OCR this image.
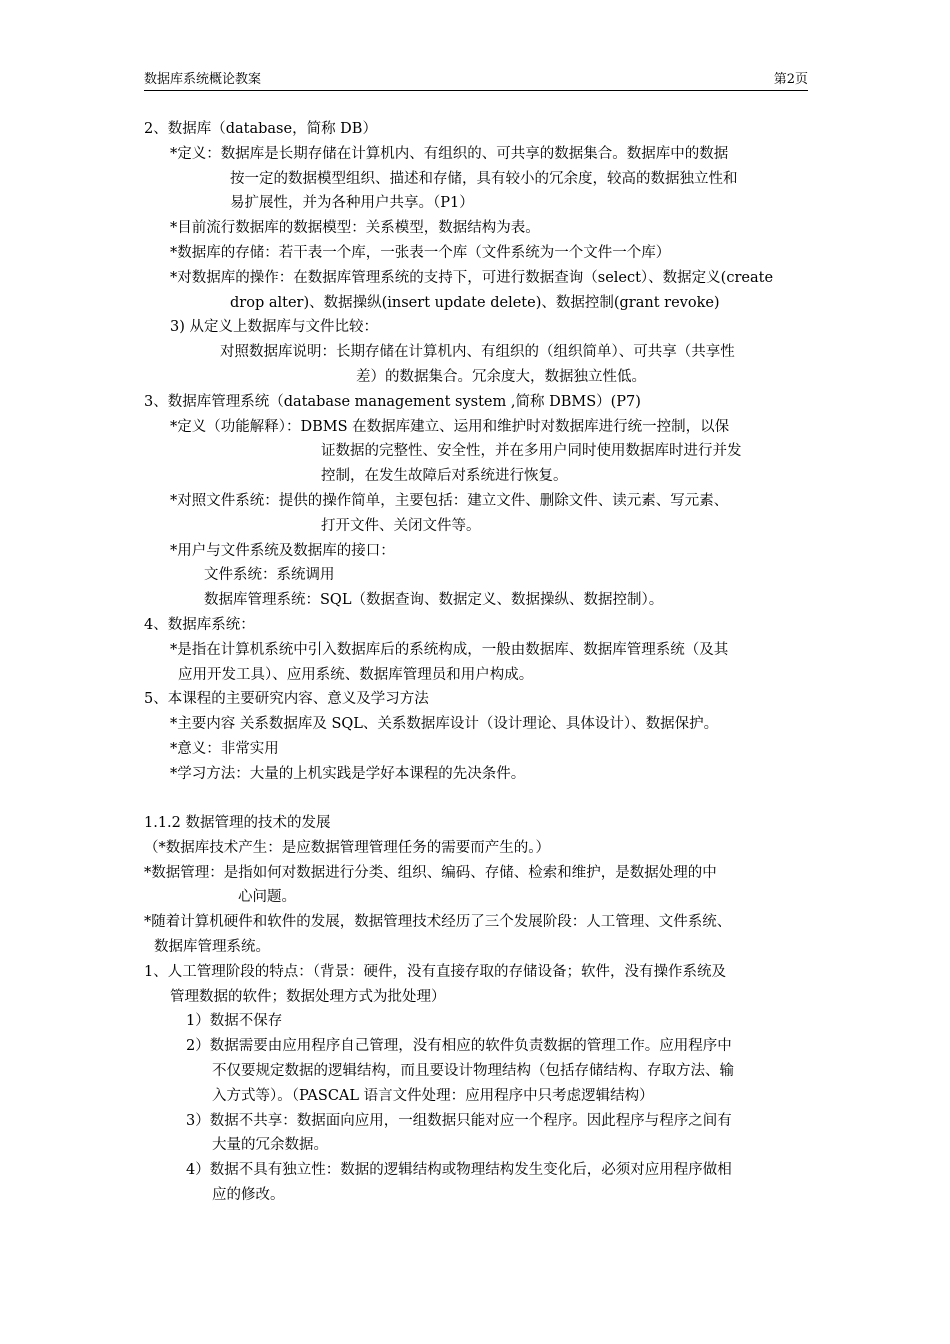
数据库系统概论教案	第2页
2、数据库（database，简称 DB）
*定义：数据库是长期存储在计算机内、有组织的、可共享的数据集合。数据库中的数据
按一定的数据模型组织、描述和存储，具有较小的冗余度，较高的数据独立性和
易扩展性，并为各种用户共享。（P1）
*目前流行数据库的数据模型：关系模型，数据结构为表。
*数据库的存储：若干表一个库，一张表一个库（文件系统为一个文件一个库）
*对数据库的操作：在数据库管理系统的支持下，可进行数据查询（select）、数据定义(create
drop alter)、数据操纵(insert update delete)、数据控制(grant revoke)
3) 从定义上数据库与文件比较：
对照数据库说明：长期存储在计算机内、有组织的（组织简单）、可共享（共享性
差）的数据集合。冗余度大，数据独立性低。
3、数据库管理系统（database management system ,简称 DBMS）(P7)
*定义（功能解释）：DBMS 在数据库建立、运用和维护时对数据库进行统一控制，以保
证数据的完整性、安全性，并在多用户同时使用数据库时进行并发
控制，在发生故障后对系统进行恢复。
*对照文件系统：提供的操作简单，主要包括：建立文件、删除文件、读元素、写元素、
打开文件、关闭文件等。
*用户与文件系统及数据库的接口：
文件系统：系统调用
数据库管理系统：SQL（数据查询、数据定义、数据操纵、数据控制）。
4、数据库系统：
*是指在计算机系统中引入数据库后的系统构成，一般由数据库、数据库管理系统（及其
应用开发工具）、应用系统、数据库管理员和用户构成。
5、本课程的主要研究内容、意义及学习方法
*主要内容 关系数据库及 SQL、关系数据库设计（设计理论、具体设计）、数据保护。
*意义：非常实用
*学习方法：大量的上机实践是学好本课程的先决条件。
1.1.2 数据管理的技术的发展
（*数据库技术产生：是应数据管理管理任务的需要而产生的。）
*数据管理：是指如何对数据进行分类、组织、编码、存储、检索和维护，是数据处理的中
心问题。
*随着计算机硬件和软件的发展，数据管理技术经历了三个发展阶段：人工管理、文件系统、
数据库管理系统。
1、人工管理阶段的特点：（背景：硬件，没有直接存取的存储设备；软件，没有操作系统及
管理数据的软件；数据处理方式为批处理）
1）数据不保存
2）数据需要由应用程序自己管理，没有相应的软件负责数据的管理工作。应用程序中
不仅要规定数据的逻辑结构，而且要设计物理结构（包括存储结构、存取方法、输
入方式等）。（PASCAL 语言文件处理：应用程序中只考虑逻辑结构）
3）数据不共享：数据面向应用，一组数据只能对应一个程序。因此程序与程序之间有
大量的冗余数据。
4）数据不具有独立性：数据的逻辑结构或物理结构发生变化后，必须对应用程序做相
应的修改。
